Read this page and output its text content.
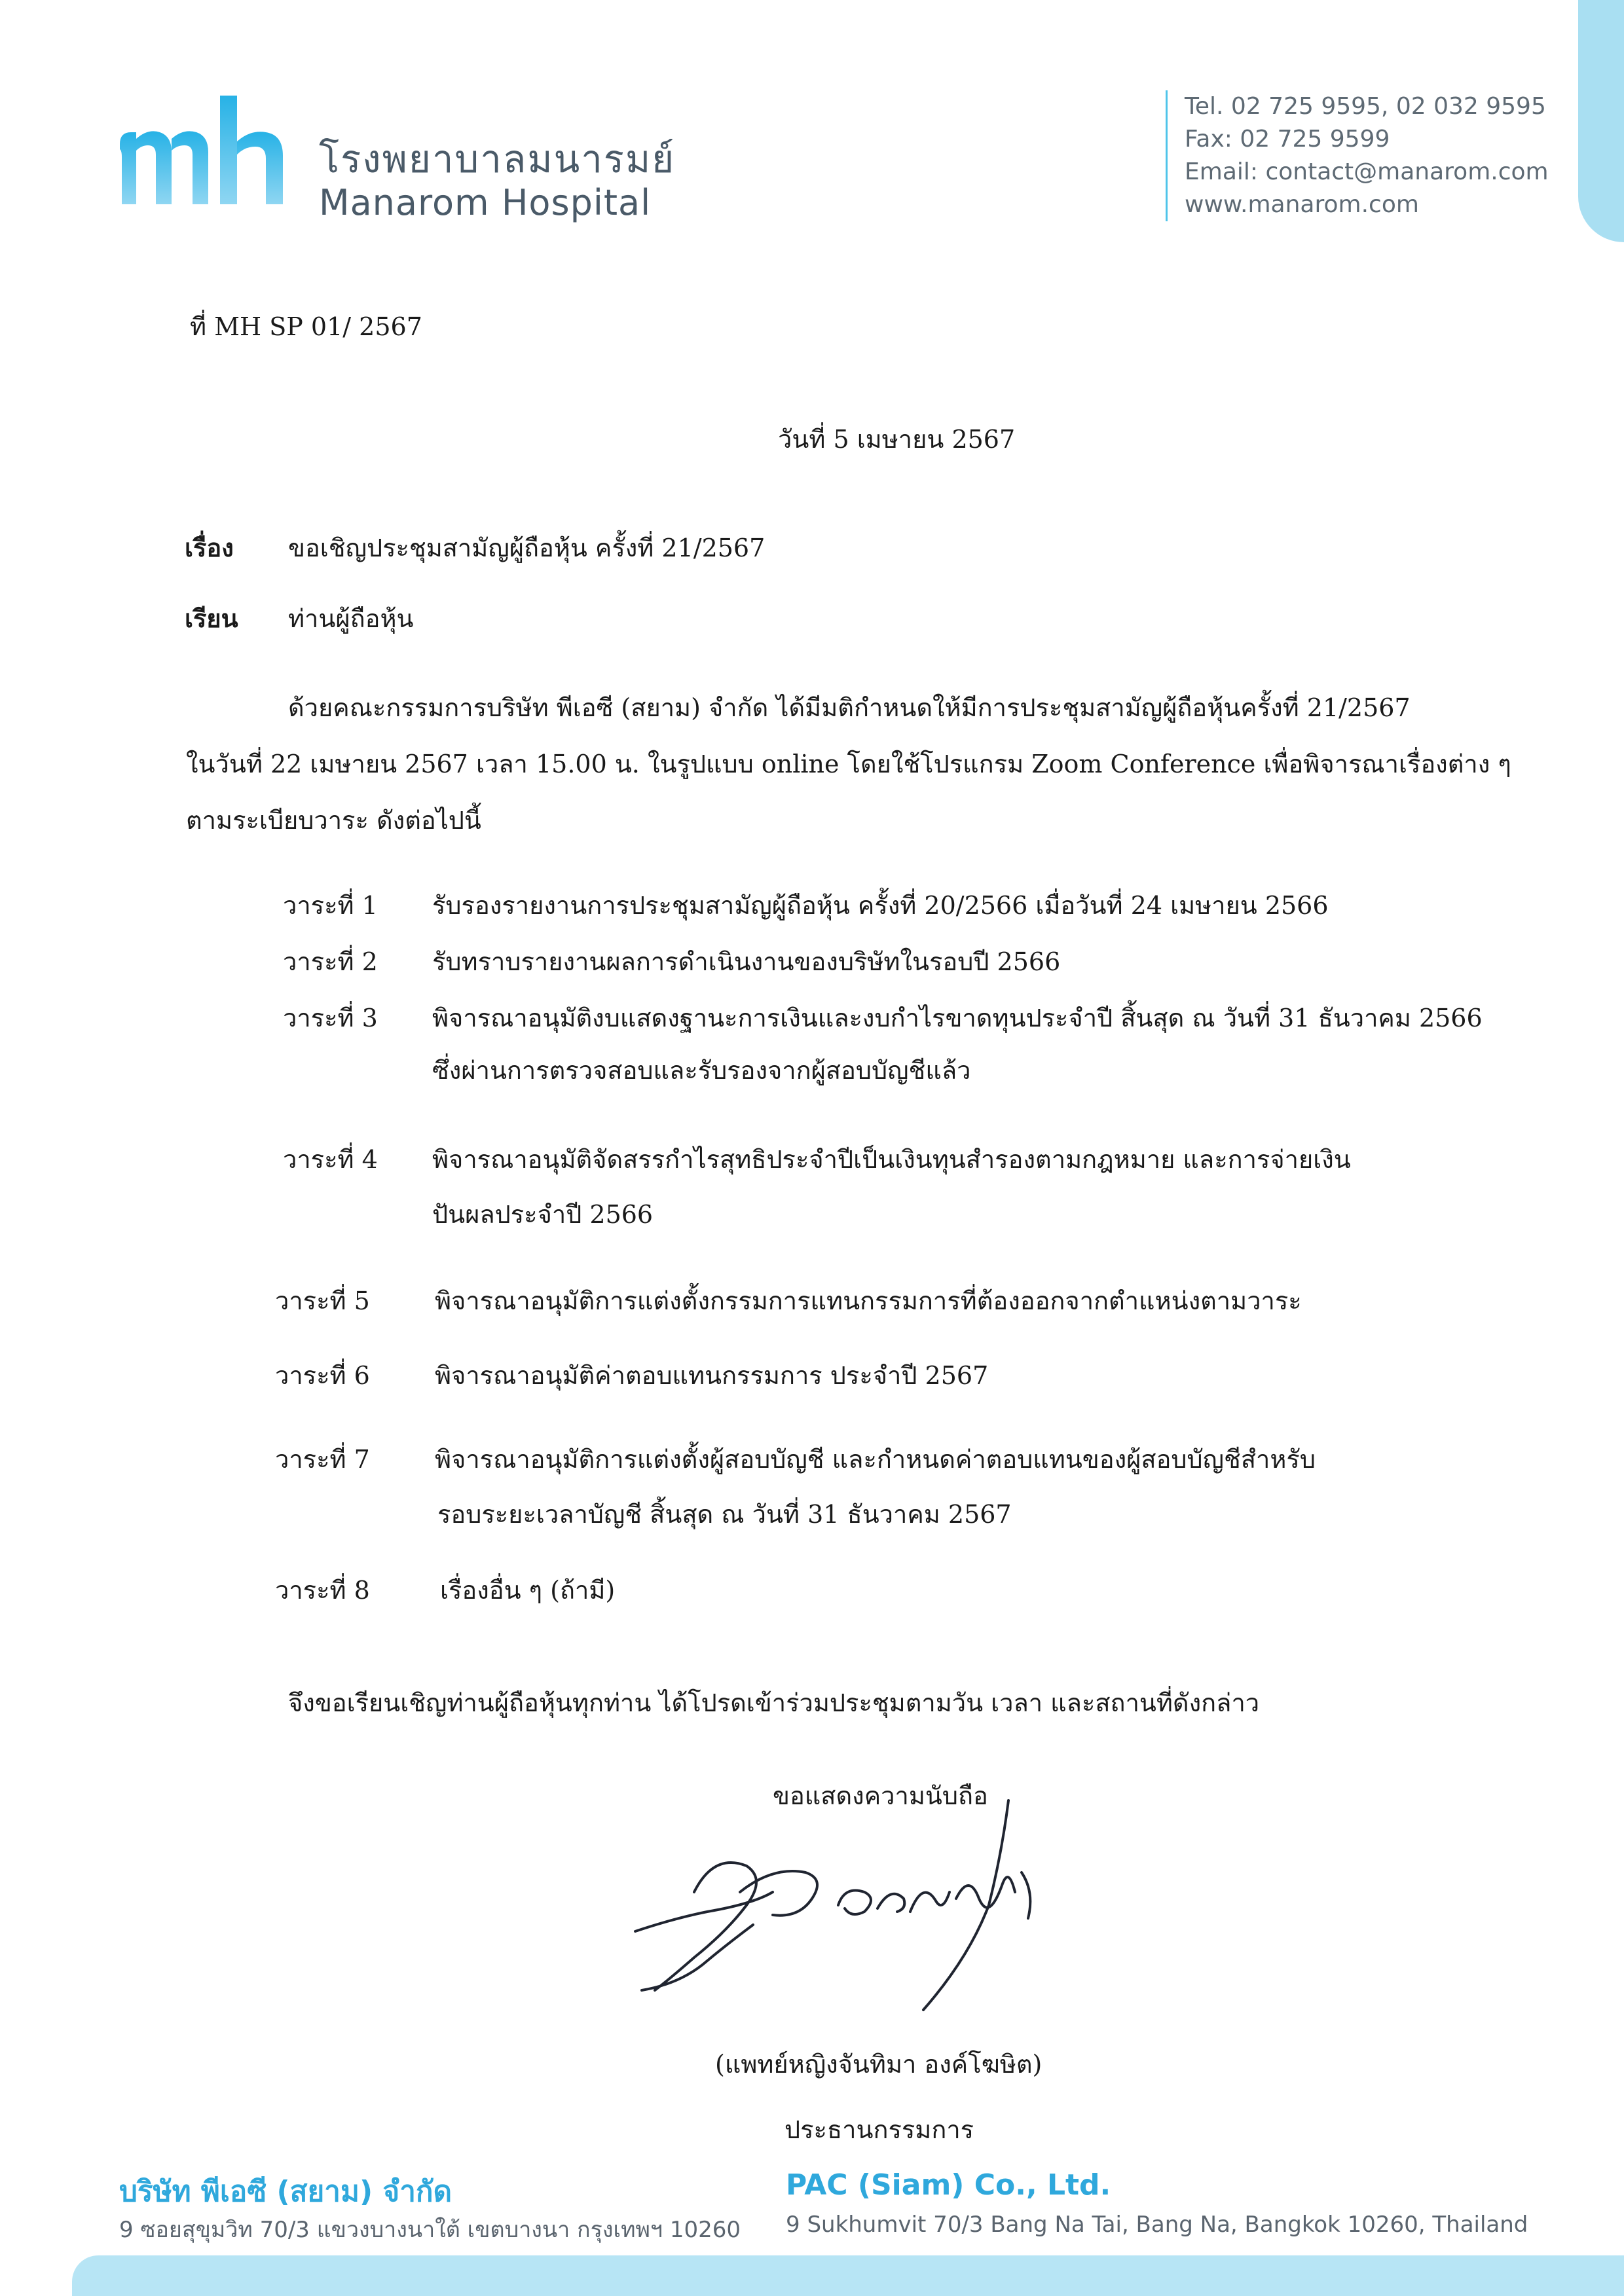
โรงพยาบาลมนารมย์
Manarom Hospital
Tel. 02 725 9595, 02 032 9595
Fax: 02 725 9599
Email: contact@manarom.com
www.manarom.com
ที่ MH SP 01/ 2567
วันที่ 5 เมษายน 2567
เรื่อง ขอเชิญประชุมสามัญผู้ถือหุ้น ครั้งที่ 21/2567
เรียน ท่านผู้ถือหุ้น
ด้วยคณะกรรมการบริษัท พีเอซี (สยาม) จำกัด ได้มีมติกำหนดให้มีการประชุมสามัญผู้ถือหุ้นครั้งที่ 21/2567
ในวันที่ 22 เมษายน 2567 เวลา 15.00 น. ในรูปแบบ online โดยใช้โปรแกรม Zoom Conference เพื่อพิจารณาเรื่องต่าง ๆ
ตามระเบียบวาระ ดังต่อไปนี้
วาระที่ 1 รับรองรายงานการประชุมสามัญผู้ถือหุ้น ครั้งที่ 20/2566 เมื่อวันที่ 24 เมษายน 2566
วาระที่ 2 รับทราบรายงานผลการดำเนินงานของบริษัทในรอบปี 2566
วาระที่ 3 พิจารณาอนุมัติงบแสดงฐานะการเงินและงบกำไรขาดทุนประจำปี สิ้นสุด ณ วันที่ 31 ธันวาคม 2566
ซึ่งผ่านการตรวจสอบและรับรองจากผู้สอบบัญชีแล้ว
วาระที่ 4 พิจารณาอนุมัติจัดสรรกำไรสุทธิประจำปีเป็นเงินทุนสำรองตามกฎหมาย และการจ่ายเงิน
ปันผลประจำปี 2566
วาระที่ 5	พิจารณาอนุมัติการแต่งตั้งกรรมการแทนกรรมการที่ต้องออกจากตำแหน่งตามวาระ
วาระที่ 6	พิจารณาอนุมัติค่าตอบแทนกรรมการ ประจำปี 2567
วาระที่ 7	พิจารณาอนุมัติการแต่งตั้งผู้สอบบัญชี และกำหนดค่าตอบแทนของผู้สอบบัญชีสำหรับ
รอบระยะเวลาบัญชี สิ้นสุด ณ วันที่ 31 ธันวาคม 2567
วาระที่ 8	เรื่องอื่น ๆ (ถ้ามี)
จึงขอเรียนเชิญท่านผู้ถือหุ้นทุกท่าน ได้โปรดเข้าร่วมประชุมตามวัน เวลา และสถานที่ดังกล่าว
ขอแสดงความนับถือ
(แพทย์หญิงจันทิมา องค์โฆษิต)
ประธานกรรมการ
บริษัท พีเอซี (สยาม) จำกัด
9 ซอยสุขุมวิท 70/3 แขวงบางนาใต้ เขตบางนา กรุงเทพฯ 10260
PAC (Siam) Co., Ltd.
9 Sukhumvit 70/3 Bang Na Tai, Bang Na, Bangkok 10260, Thailand
